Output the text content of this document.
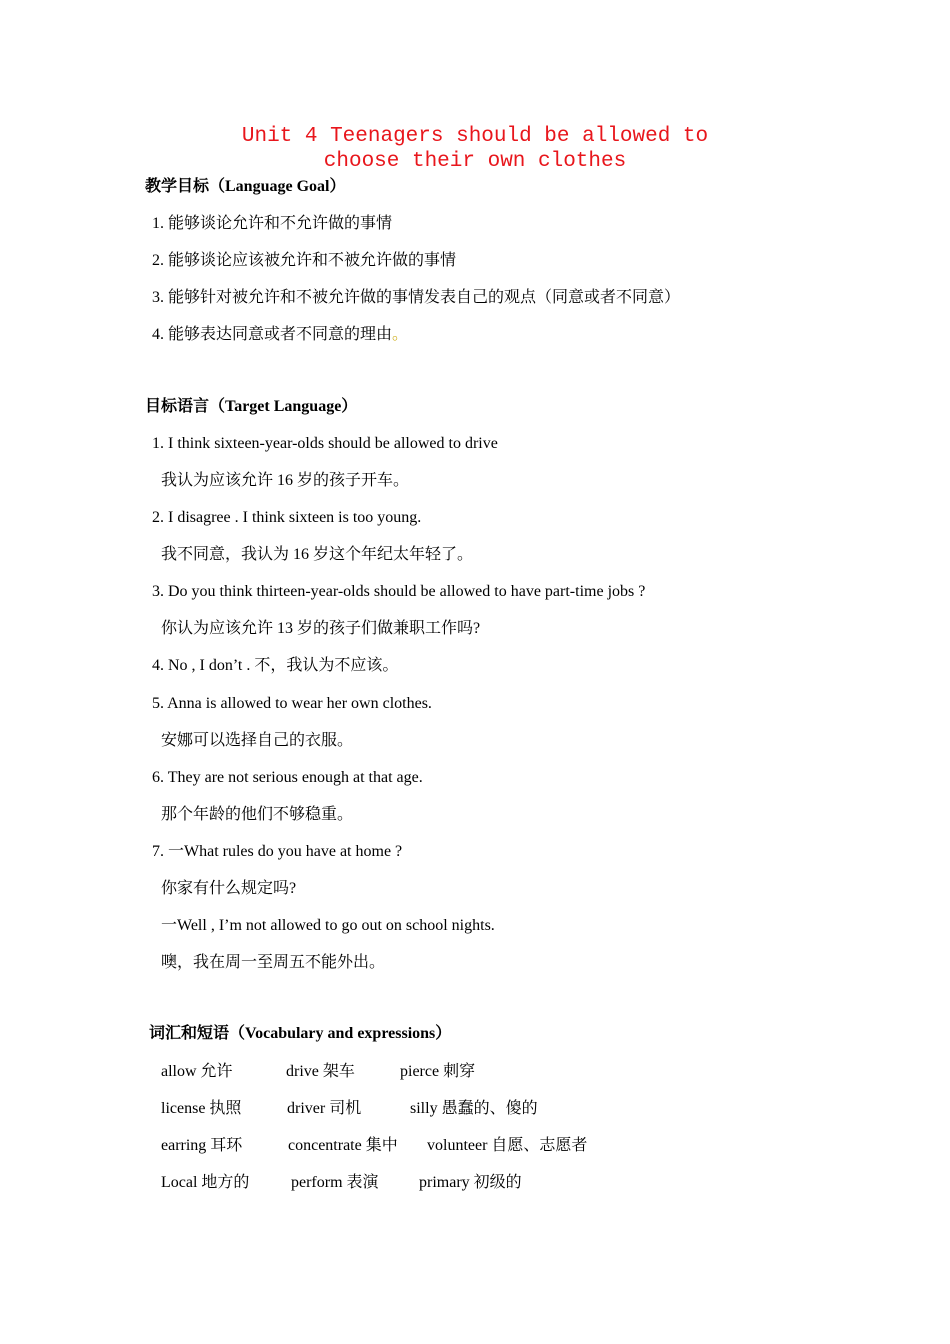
Unit 4 Teenagers should be allowed to
choose their own clothes
教学目标（Language Goal）
1. 能够谈论允许和不允许做的事情
2. 能够谈论应该被允许和不被允许做的事情
3. 能够针对被允许和不被允许做的事情发表自己的观点（同意或者不同意）
4. 能够表达同意或者不同意的理由。
目标语言（Target Language）
1. I think sixteen-year-olds should be allowed to drive
我认为应该允许 16 岁的孩子开车。
2. I disagree . I think sixteen is too young.
我不同意，我认为 16 岁这个年纪太年轻了。
3. Do you think thirteen-year-olds should be allowed to have part-time jobs ?
你认为应该允许 13 岁的孩子们做兼职工作吗?
4. No , I don’t . 不，我认为不应该。
5. Anna is allowed to wear her own clothes.
安娜可以选择自己的衣服。
6. They are not serious enough at that age.
那个年龄的他们不够稳重。
7. 一What rules do you have at home ?
你家有什么规定吗?
一Well , I’m not allowed to go out on school nights.
噢，我在周一至周五不能外出。
词汇和短语（Vocabulary and expressions）
allow 允许	drive 架车	pierce 刺穿
license 执照	driver 司机	silly 愚蠢的、傻的
earring 耳环	concentrate 集中 volunteer 自愿、志愿者
Local 地方的	perform 表演	primary 初级的
